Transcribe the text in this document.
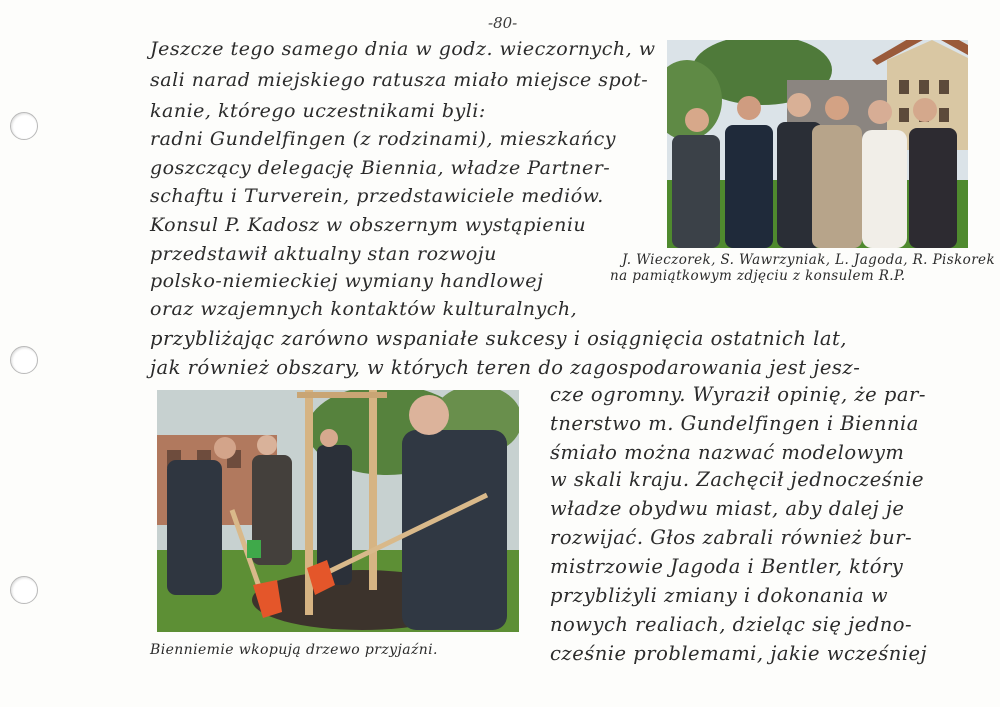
-80-
Jeszcze tego samego dnia w godz. wieczornych, w
sali narad miejskiego ratusza miało miejsce spot-
kanie, którego uczestnikami byli:
radni Gundelfingen (z rodzinami), mieszkańcy
goszczący delegację Biennia, władze Partner-
schaftu i Turverein, przedstawiciele mediów.
Konsul P. Kadosz w obszernym wystąpieniu
przedstawił aktualny stan rozwoju
polsko-niemieckiej wymiany handlowej
oraz wzajemnych kontaktów kulturalnych,
przybliżając zarówno wspaniałe sukcesy i osiągnięcia ostatnich lat,
jak również obszary, w których teren do zagospodarowania jest jesz-
cze ogromny. Wyraził opinię, że par-
tnerstwo m. Gundelfingen i Biennia
śmiało można nazwać modelowym
w skali kraju. Zachęcił jednocześnie
władze obydwu miast, aby dalej je
rozwijać. Głos zabrali również bur-
mistrzowie Jagoda i Bentler, który
przybliżyli zmiany i dokonania w
nowych realiach, dzieląc się jedno-
cześnie problemami, jakie wcześniej
J. Wieczorek, S. Wawrzyniak, L. Jagoda, R. Piskorek
na pamiątkowym zdjęciu z konsulem R.P.
Bienniemie wkopują drzewo przyjaźni.
